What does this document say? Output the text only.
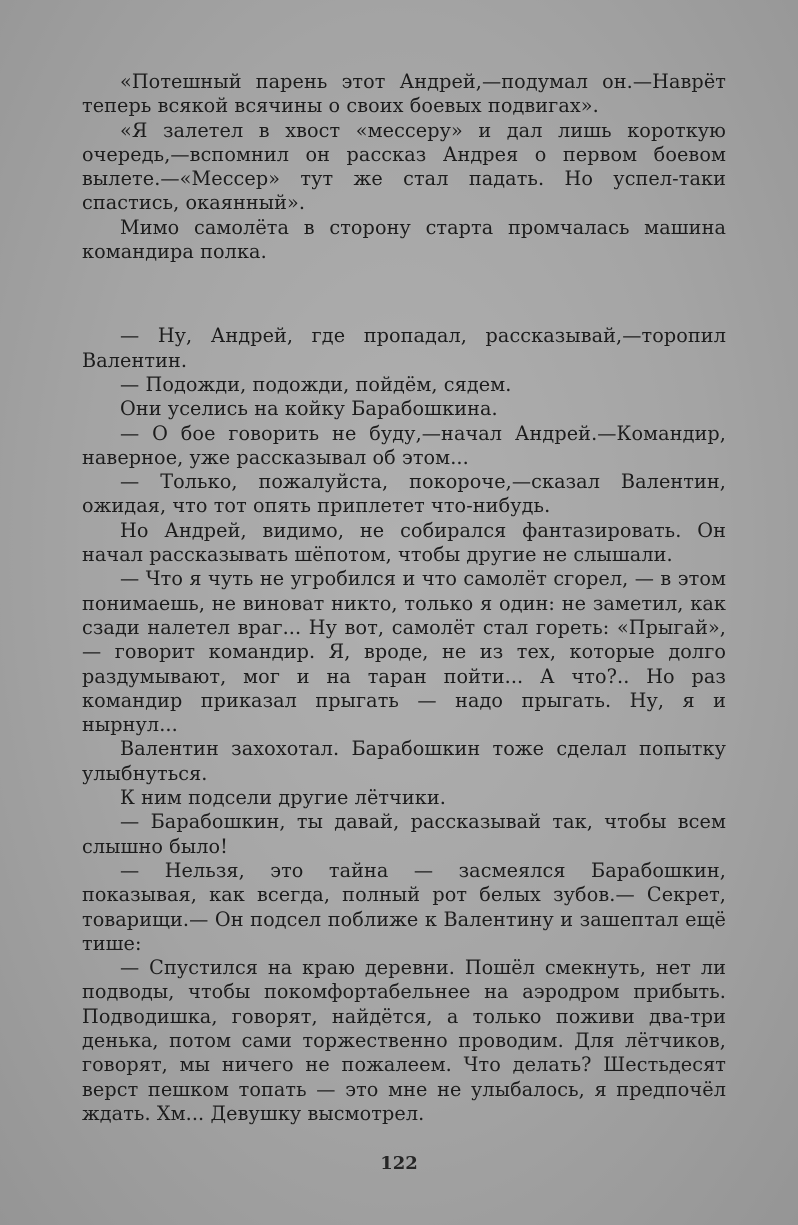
«Потешный парень этот Андрей,—подумал он.—Наврёт теперь всякой всячины о своих боевых подвигах».

«Я залетел в хвост «мессеру» и дал лишь короткую очередь,—вспомнил он рассказ Андрея о первом боевом вылете.—«Мессер» тут же стал падать. Но успел-таки спастись, окаянный».

Мимо самолёта в сторону старта промчалась машина командира полка.

— Ну, Андрей, где пропадал, рассказывай,—торопил Валентин.

— Подожди, подожди, пойдём, сядем.

Они уселись на койку Барабошкина.

— О бое говорить не буду,—начал Андрей.—Командир, наверное, уже рассказывал об этом...

— Только, пожалуйста, покороче,—сказал Валентин, ожидая, что тот опять приплетет что-нибудь.

Но Андрей, видимо, не собирался фантазировать. Он начал рассказывать шёпотом, чтобы другие не слышали.

— Что я чуть не угробился и что самолёт сгорел, — в этом понимаешь, не виноват никто, только я один: не заметил, как сзади налетел враг... Ну вот, самолёт стал гореть: «Прыгай», — говорит командир. Я, вроде, не из тех, которые долго раздумывают, мог и на таран пойти... А что?.. Но раз командир приказал прыгать — надо прыгать. Ну, я и нырнул...

Валентин захохотал. Барабошкин тоже сделал попытку улыбнуться.

К ним подсели другие лётчики.

— Барабошкин, ты давай, рассказывай так, чтобы всем слышно было!

— Нельзя, это тайна — засмеялся Барабошкин, показывая, как всегда, полный рот белых зубов.— Секрет, товарищи.— Он подсел поближе к Валентину и зашептал ещё тише:

— Спустился на краю деревни. Пошёл смекнуть, нет ли подводы, чтобы покомфортабельнее на аэродром прибыть. Подводишка, говорят, найдётся, а только поживи два-три денька, потом сами торжественно проводим. Для лётчиков, говорят, мы ничего не пожалеем. Что делать? Шестьдесят верст пешком топать — это мне не улыбалось, я предпочёл ждать. Хм... Девушку высмотрел.

122
